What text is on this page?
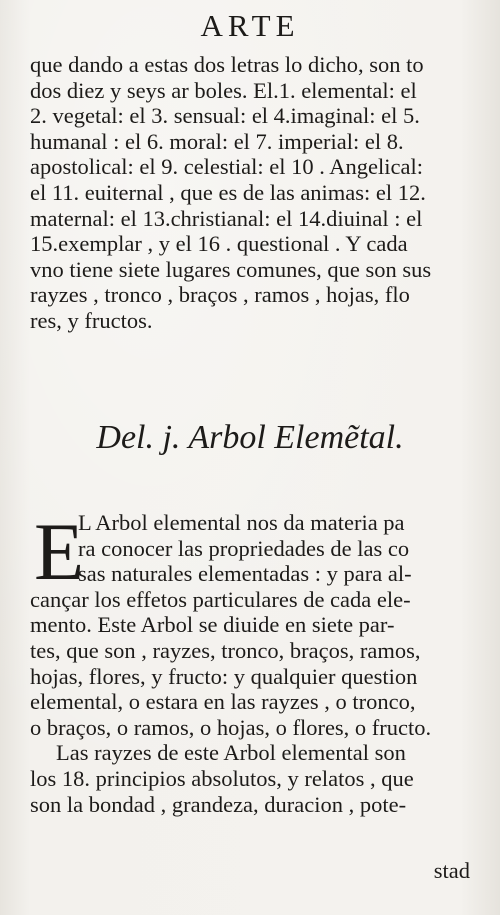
ARTE
que dando a estas dos letras lo dicho, son to
dos diez y seys ar boles. El.1. elemental: el
2. vegetal: el 3. sensual: el 4.imaginal: el 5.
humanal : el 6. moral: el 7. imperial: el 8.
apostolical: el 9. celestial: el 10 . Angelical:
el 11. euiternal , que es de las animas: el 12.
maternal: el 13.christianal: el 14.diuinal : el
15.exemplar , y el 16 . questional . Y cada
vno tiene siete lugares comunes, que son sus
rayzes , tronco , braços , ramos , hojas, flo
res, y fructos.
Del. j. Arbol Elemẽtal.
E
L Arbol elemental nos da materia pa
ra conocer las propriedades de las co
sas naturales elementadas : y para al-
cançar los effetos particulares de cada ele-
mento. Este Arbol se diuide en siete par-
tes, que son , rayzes, tronco, braços, ramos,
hojas, flores, y fructo: y qualquier question
elemental, o estara en las rayzes , o tronco,
o braços, o ramos, o hojas, o flores, o fructo.
Las rayzes de este Arbol elemental son
los 18. principios absolutos, y relatos , que
son la bondad , grandeza, duracion , pote-
stad
